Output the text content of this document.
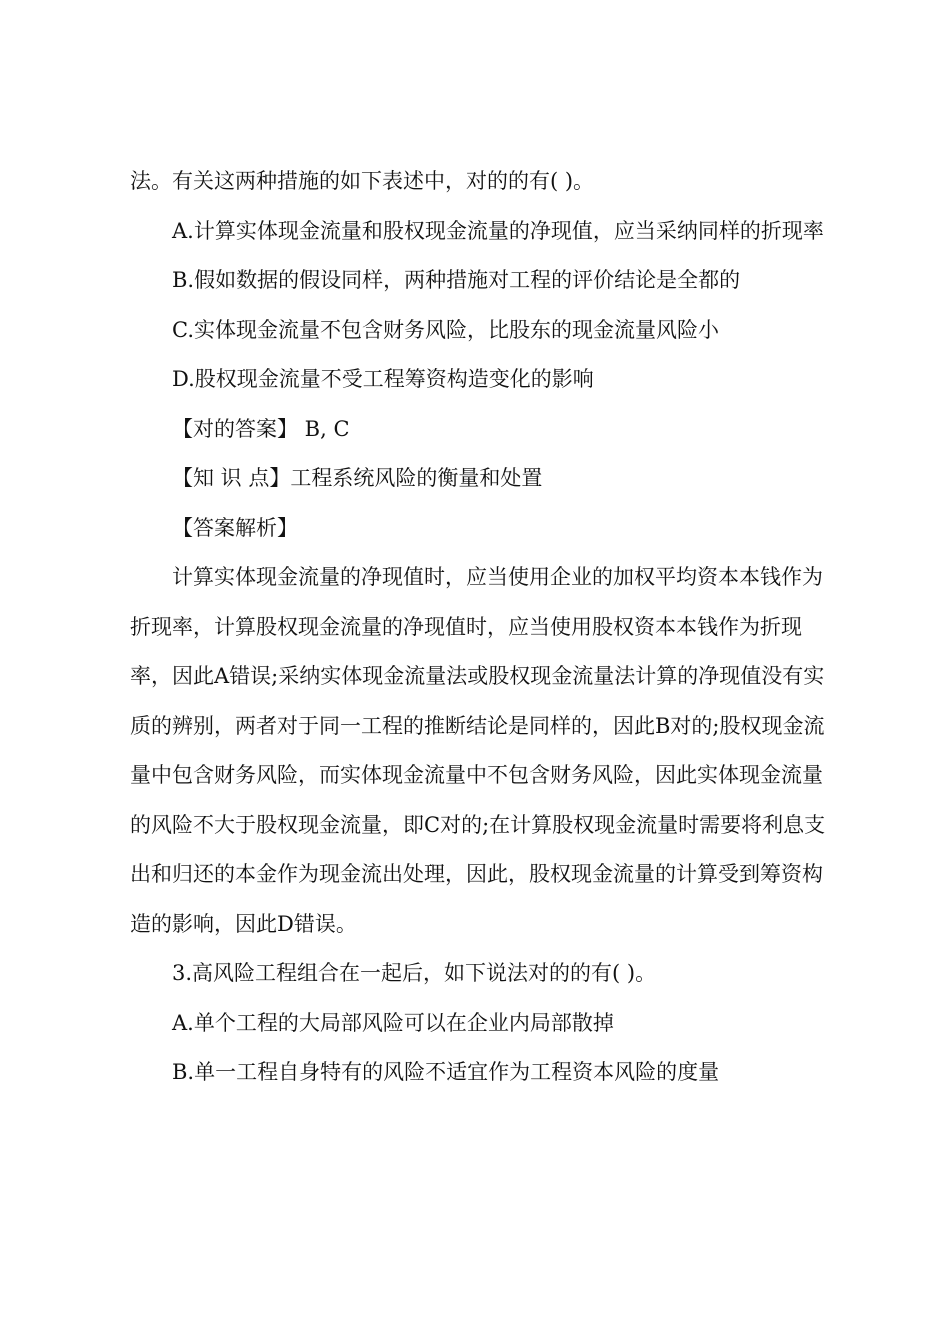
法。有关这两种措施的如下表述中，对的的有( )。

A.计算实体现金流量和股权现金流量的净现值，应当采纳同样的折现率

B.假如数据的假设同样，两种措施对工程的评价结论是全都的

C.实体现金流量不包含财务风险，比股东的现金流量风险小

D.股权现金流量不受工程筹资构造变化的影响

【对的答案】 B, C

【知 识 点】工程系统风险的衡量和处置

【答案解析】

计算实体现金流量的净现值时，应当使用企业的加权平均资本本钱作为折现率，计算股权现金流量的净现值时，应当使用股权资本本钱作为折现率，因此A错误;采纳实体现金流量法或股权现金流量法计算的净现值没有实质的辨别，两者对于同一工程的推断结论是同样的，因此B对的;股权现金流量中包含财务风险，而实体现金流量中不包含财务风险，因此实体现金流量的风险不大于股权现金流量，即C对的;在计算股权现金流量时需要将利息支出和归还的本金作为现金流出处理，因此，股权现金流量的计算受到筹资构造的影响，因此D错误。

3.高风险工程组合在一起后，如下说法对的的有( )。

A.单个工程的大局部风险可以在企业内局部散掉

B.单一工程自身特有的风险不适宜作为工程资本风险的度量
